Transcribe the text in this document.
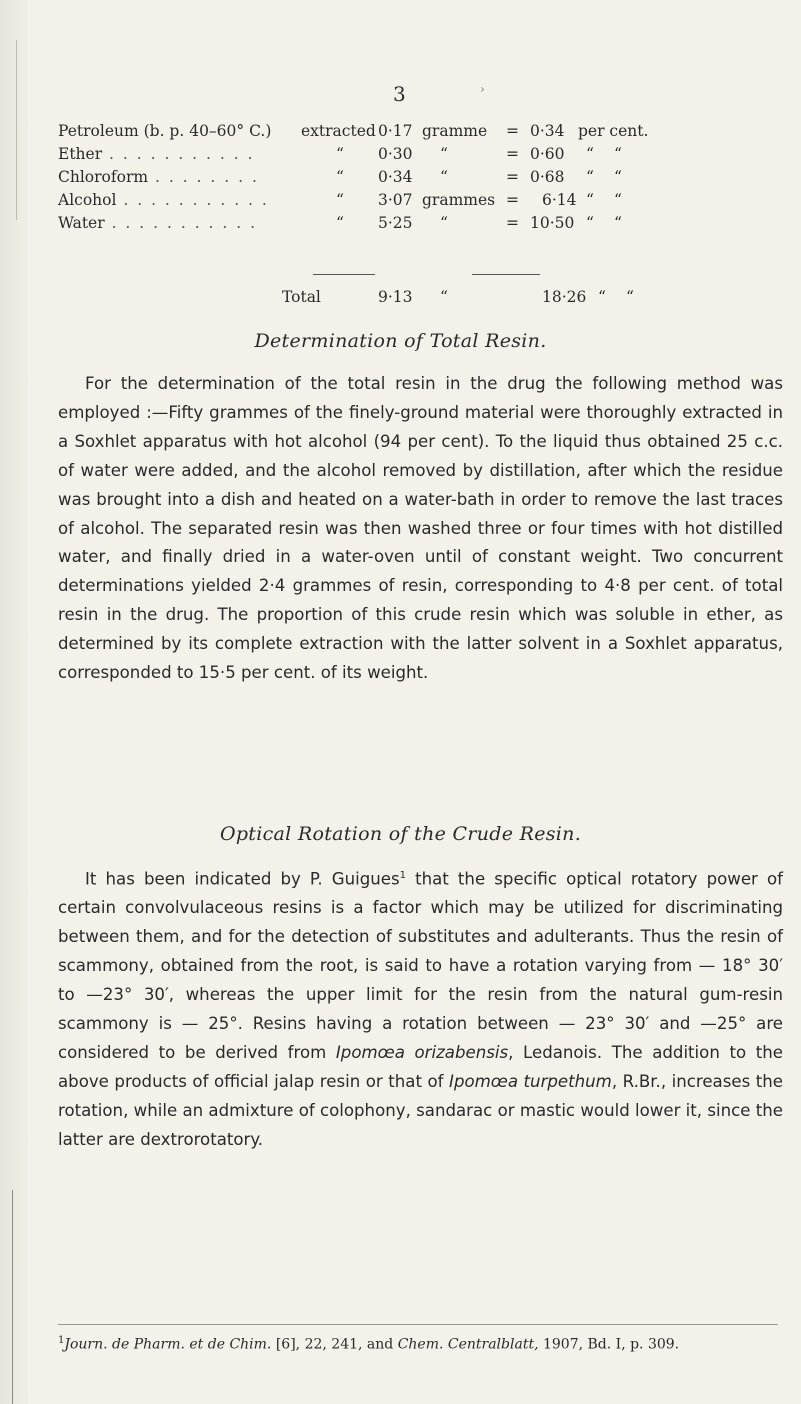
3	›
Petroleum (b. p. 40–60° C.) extracted 0·17 gramme = 0·34 per cent.
Ether . . . . . . . . . . .	“ 0·30 “	= 0·60 “ “
Chloroform . . . . . . . .	“ 0·34 “	= 0·68 “ “
Alcohol . . . . . . . . . . .	“ 3·07 grammes = 6·14 “ “
Water . . . . . . . . . . .	“ 5·25 “	= 10·50 “ “
Total	9·13 “	18·26 “ “
Determination of Total Resin.

For the determination of the total resin in the drug the following method was employed :—Fifty grammes of the finely-ground material were thoroughly extracted in a Soxhlet apparatus with hot alcohol (94 per cent). To the liquid thus obtained 25 c.c. of water were added, and the alcohol removed by distillation, after which the residue was brought into a dish and heated on a water-bath in order to remove the last traces of alcohol. The separated resin was then washed three or four times with hot distilled water, and finally dried in a water-oven until of constant weight. Two concurrent determinations yielded 2·4 grammes of resin, corresponding to 4·8 per cent. of total resin in the drug. The proportion of this crude resin which was soluble in ether, as determined by its complete extraction with the latter solvent in a Soxhlet apparatus, corresponded to 15·5 per cent. of its weight.

Optical Rotation of the Crude Resin.

It has been indicated by P. Guigues$^1$ that the specific optical rotatory power of certain convolvulaceous resins is a factor which may be utilized for discriminating between them, and for the detection of substitutes and adulterants. Thus the resin of scammony, obtained from the root, is said to have a rotation varying from — 18° 30′ to —23° 30′, whereas the upper limit for the resin from the natural gum-resin scammony is — 25°. Resins having a rotation between — 23° 30′ and —25° are considered to be derived from Ipomœa orizabensis, Ledanois. The addition to the above products of official jalap resin or that of Ipomœa turpethum, R.Br., increases the rotation, while an admixture of colophony, sandarac or mastic would lower it, since the latter are dextrorotatory.

$^1$Journ. de Pharm. et de Chim. [6], 22, 241, and Chem. Centralblatt, 1907, Bd. I, p. 309.
